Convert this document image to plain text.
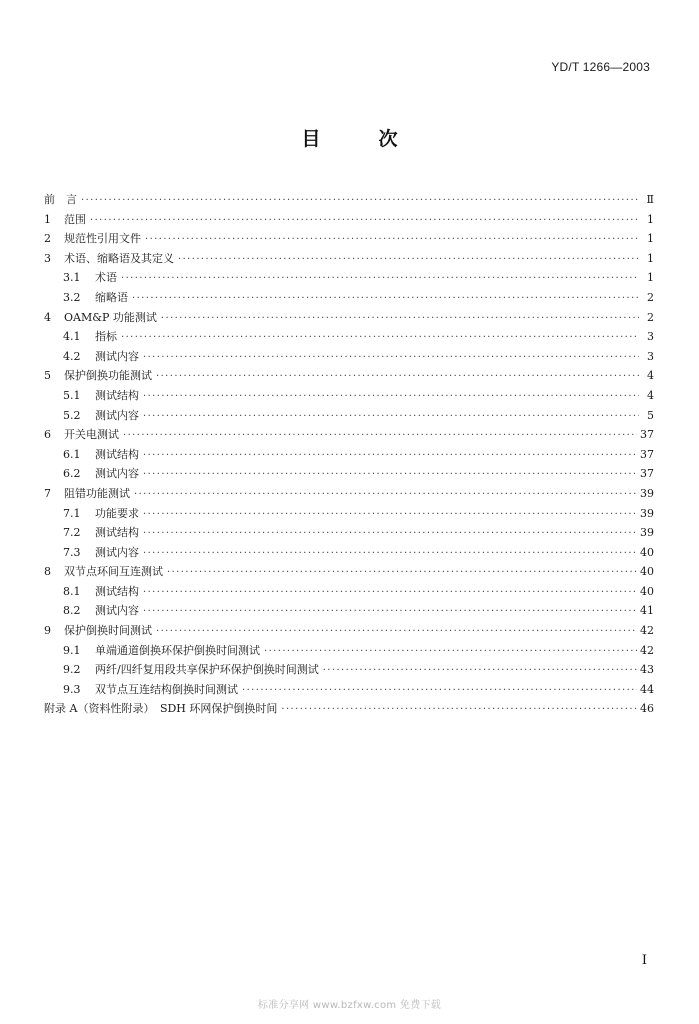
YD/T 1266—2003
目次
前　言 ·····	Ⅱ
1	范围 ·····	1
2	规范性引用文件 ·····	1
3	术语、缩略语及其定义 ·····	1
3.1	术语 ·····	1
3.2	缩略语 ·····	2
4	OAM&P 功能测试 ·····	2
4.1	指标 ·····	3
4.2	测试内容 ·····	3
5	保护倒换功能测试 ·····	4
5.1	测试结构 ·····	4
5.2	测试内容 ·····	5
6	开关电测试 ·····	37
6.1	测试结构 ·····	37
6.2	测试内容 ·····	37
7	阻错功能测试 ·····	39
7.1	功能要求 ·····	39
7.2	测试结构 ·····	39
7.3	测试内容 ·····	40
8	双节点环间互连测试 ·····	40
8.1	测试结构 ·····	40
8.2	测试内容 ·····	41
9	保护倒换时间测试 ·····	42
9.1	单端通道倒换环保护倒换时间测试 ·····	42
9.2	两纤/四纤复用段共享保护环保护倒换时间测试 ·····	43
9.3	双节点互连结构倒换时间测试 ·····	44
附录 A（资料性附录）　SDH 环网保护倒换时间 ·····	46
I
标准分享网 www.bzfxw.com 免费下载
